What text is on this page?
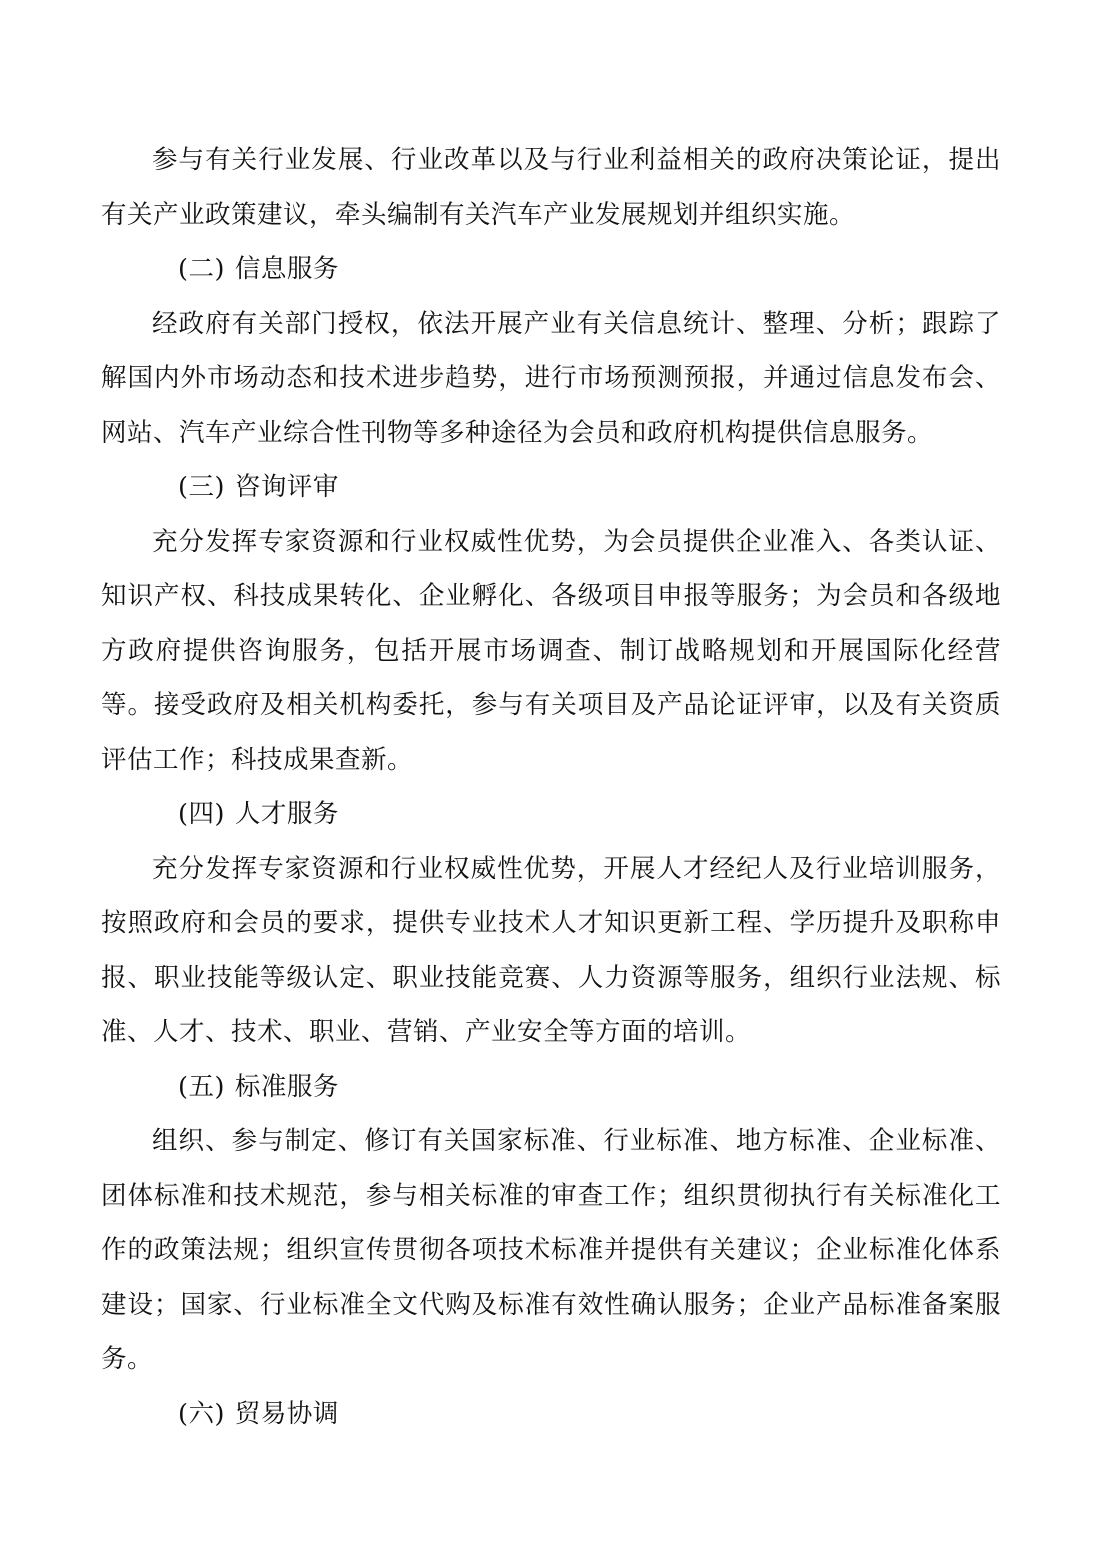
参与有关行业发展、行业改革以及与行业利益相关的政府决策论证，提出有关产业政策建议，牵头编制有关汽车产业发展规划并组织实施。

(二) 信息服务

经政府有关部门授权，依法开展产业有关信息统计、整理、分析；跟踪了解国内外市场动态和技术进步趋势，进行市场预测预报，并通过信息发布会、网站、汽车产业综合性刊物等多种途径为会员和政府机构提供信息服务。

(三) 咨询评审

充分发挥专家资源和行业权威性优势，为会员提供企业准入、各类认证、知识产权、科技成果转化、企业孵化、各级项目申报等服务；为会员和各级地方政府提供咨询服务，包括开展市场调查、制订战略规划和开展国际化经营等。接受政府及相关机构委托，参与有关项目及产品论证评审，以及有关资质评估工作；科技成果查新。

(四) 人才服务

充分发挥专家资源和行业权威性优势，开展人才经纪人及行业培训服务，按照政府和会员的要求，提供专业技术人才知识更新工程、学历提升及职称申报、职业技能等级认定、职业技能竞赛、人力资源等服务，组织行业法规、标准、人才、技术、职业、营销、产业安全等方面的培训。

(五) 标准服务

组织、参与制定、修订有关国家标准、行业标准、地方标准、企业标准、团体标准和技术规范，参与相关标准的审查工作；组织贯彻执行有关标准化工作的政策法规；组织宣传贯彻各项技术标准并提供有关建议；企业标准化体系建设；国家、行业标准全文代购及标准有效性确认服务；企业产品标准备案服务。

(六) 贸易协调
